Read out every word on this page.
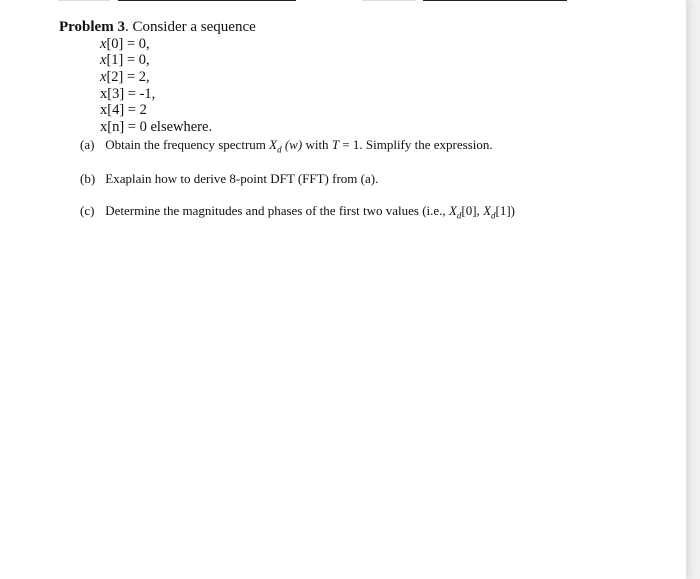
Problem 3. Consider a sequence
x[0] = 0,
x[1] = 0,
x[2] = 2,
x[3] = -1,
x[4] = 2
x[n] = 0 elsewhere.
(a) Obtain the frequency spectrum $X_d$ (w) with T = 1. Simplify the expression.
(b) Exaplain how to derive 8-point DFT (FFT) from (a).
(c) Determine the magnitudes and phases of the first two values (i.e., $X_d[0]$, $X_d[1]$)
